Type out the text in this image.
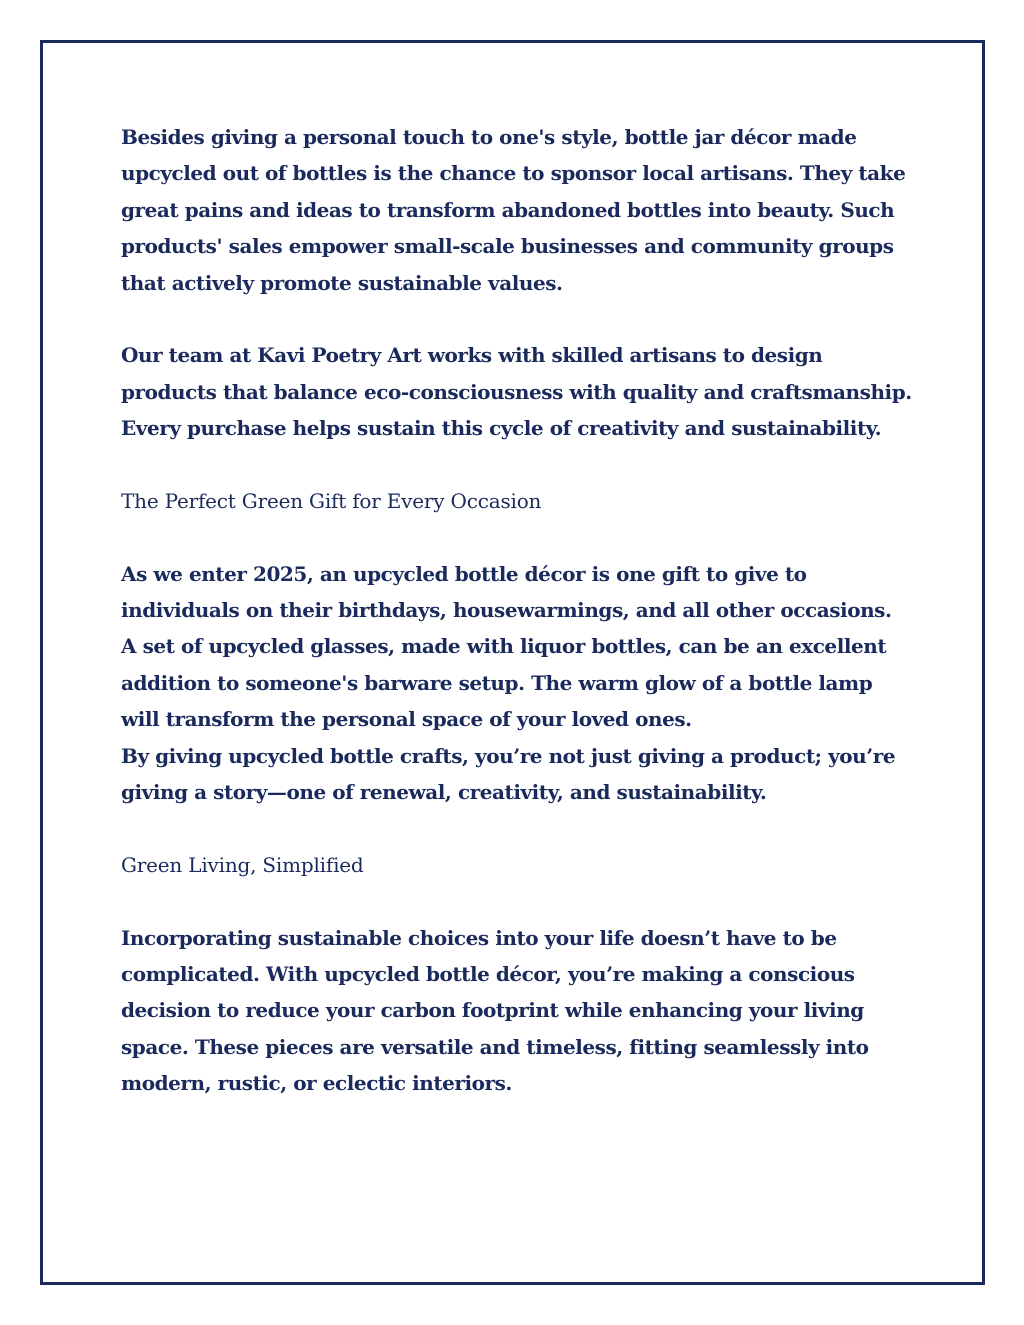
Besides giving a personal touch to one's style, bottle jar décor made
upcycled out of bottles is the chance to sponsor local artisans. They take
great pains and ideas to transform abandoned bottles into beauty. Such
products' sales empower small-scale businesses and community groups
that actively promote sustainable values.
Our team at Kavi Poetry Art works with skilled artisans to design
products that balance eco-consciousness with quality and craftsmanship.
Every purchase helps sustain this cycle of creativity and sustainability.
The Perfect Green Gift for Every Occasion
As we enter 2025, an upcycled bottle décor is one gift to give to
individuals on their birthdays, housewarmings, and all other occasions.
A set of upcycled glasses, made with liquor bottles, can be an excellent
addition to someone's barware setup. The warm glow of a bottle lamp
will transform the personal space of your loved ones.
By giving upcycled bottle crafts, you’re not just giving a product; you’re
giving a story—one of renewal, creativity, and sustainability.
Green Living, Simplified
Incorporating sustainable choices into your life doesn’t have to be
complicated. With upcycled bottle décor, you’re making a conscious
decision to reduce your carbon footprint while enhancing your living
space. These pieces are versatile and timeless, fitting seamlessly into
modern, rustic, or eclectic interiors.
